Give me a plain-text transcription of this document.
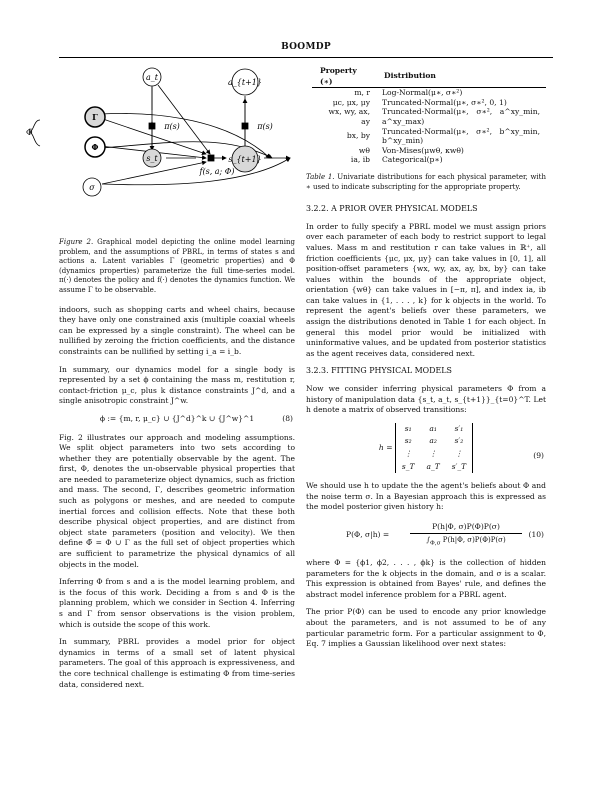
BOOMDP
a_t
a_{t+1}
Γ
Φ
Φ̃
σ
s_t	s_{t+1}
π(s)	π(s)
f(s, a; Φ)
Figure 2. Graphical model depicting the online model learning problem, and the assumptions of PBRL, in terms of states s and actions a. Latent variables Γ (geometric properties) and Φ (dynamics properties) parameterize the full time-series model. π(·) denotes the policy and f(·) denotes the dynamics function. We assume Γ to be observable.

indoors, such as shopping carts and wheel chairs, because they have only one constrained axis (multiple coaxial wheels can be expressed by a single constraint). The wheel can be nullified by zeroing the friction coefficients, and the distance constraints can be nullified by setting i_a = i_b.

In summary, our dynamics model for a single body is represented by a set ϕ containing the mass m, restitution r, contact-friction μ_c, plus k distance constraints J^d, and a single anisotropic constraint J^w.

ϕ := {m, r, μ_c} ∪ {J^d}^k ∪ {J^w}^1	(8)

Fig. 2 illustrates our approach and modeling assumptions. We split object parameters into two sets according to whether they are potentially observable by the agent. The first, Φ, denotes the un-observable physical properties that are needed to parameterize object dynamics, such as friction and mass. The second, Γ, describes geometric information such as polygons or meshes, and are needed to compute inertial forces and collision effects. Note that these both describe physical object properties, and are distinct from object state parameters (position and velocity). We then define Φ̃ = Φ ∪ Γ as the full set of object properties which are sufficient to parametrize the physical dynamics of all objects in the model.

Inferring Φ from s and a is the model learning problem, and is the focus of this work. Deciding a from s and Φ is the planning problem, which we consider in Section 4. Inferring s and Γ from sensor observations is the vision problem, which is outside the scope of this work.

In summary, PBRL provides a model prior for object dynamics in terms of a small set of latent physical parameters. The goal of this approach is expressiveness, and the core technical challenge is estimating Φ from time-series data, considered next.

Property (∗)	Distribution
m, r	Log-Normal(μ∗, σ∗²)
μc, μx, μy	Truncated-Normal(μ∗, σ∗², 0, 1)
wx, wy, ax, ay	Truncated-Normal(μ∗, σ∗², a^xy_min, a^xy_max)
bx, by	Truncated-Normal(μ∗, σ∗², b^xy_min, b^xy_min)
wθ	Von-Mises(μwθ, κwθ)
ia, ib	Categorical(p∗)
Table 1. Univariate distributions for each physical parameter, with ∗ used to indicate subscripting for the appropriate property.
3.2.2. A PRIOR OVER PHYSICAL MODELS

In order to fully specify a PBRL model we must assign priors over each parameter of each body to restrict support to legal values. Mass m and restitution r can take values in ℝ⁺, all friction coefficients {μc, μx, μy} can take values in [0, 1], all position-offset parameters {wx, wy, ax, ay, bx, by} can take values within the bounds of the appropriate object, orientation {wθ} can take values in [−π, π], and index ia, ib can take values in {1, . . . , k} for k objects in the world. To represent the agent's beliefs over these parameters, we assign the distributions denoted in Table 1 for each object. In general this model prior would be initialized with uninformative values, and be updated from posterior statistics as the agent receives data, considered next.

3.2.3. FITTING PHYSICAL MODELS

Now we consider inferring physical parameters Φ from a history of manipulation data {s_t, a_t, s_{t+1}}_{t=0}^T. Let h denote a matrix of observed transitions:

h = s₁	a₁	s′₁
s₂	a₂	s′₂
⋮	⋮	⋮
s_T	a_T	s′_T
(9)

We should use h to update the the agent's beliefs about Φ and the noise term σ. In a Bayesian approach this is expressed as the model posterior given history h:

P(Φ, σ|h) =
P(h|Φ, σ)P(Φ)P(σ)
$\int_{\Phi,\sigma}$ P(h|Φ, σ)P(Φ)P(σ)
(10)

where Φ = {ϕ1, ϕ2, . . . , ϕk} is the collection of hidden parameters for the k objects in the domain, and σ is a scalar. This expression is obtained from Bayes' rule, and defines the abstract model inference problem for a PBRL agent.

The prior P(Φ) can be used to encode any prior knowledge about the parameters, and is not assumed to be of any particular parametric form. For a particular assignment to Φ, Eq. 7 implies a Gaussian likelihood over next states:
